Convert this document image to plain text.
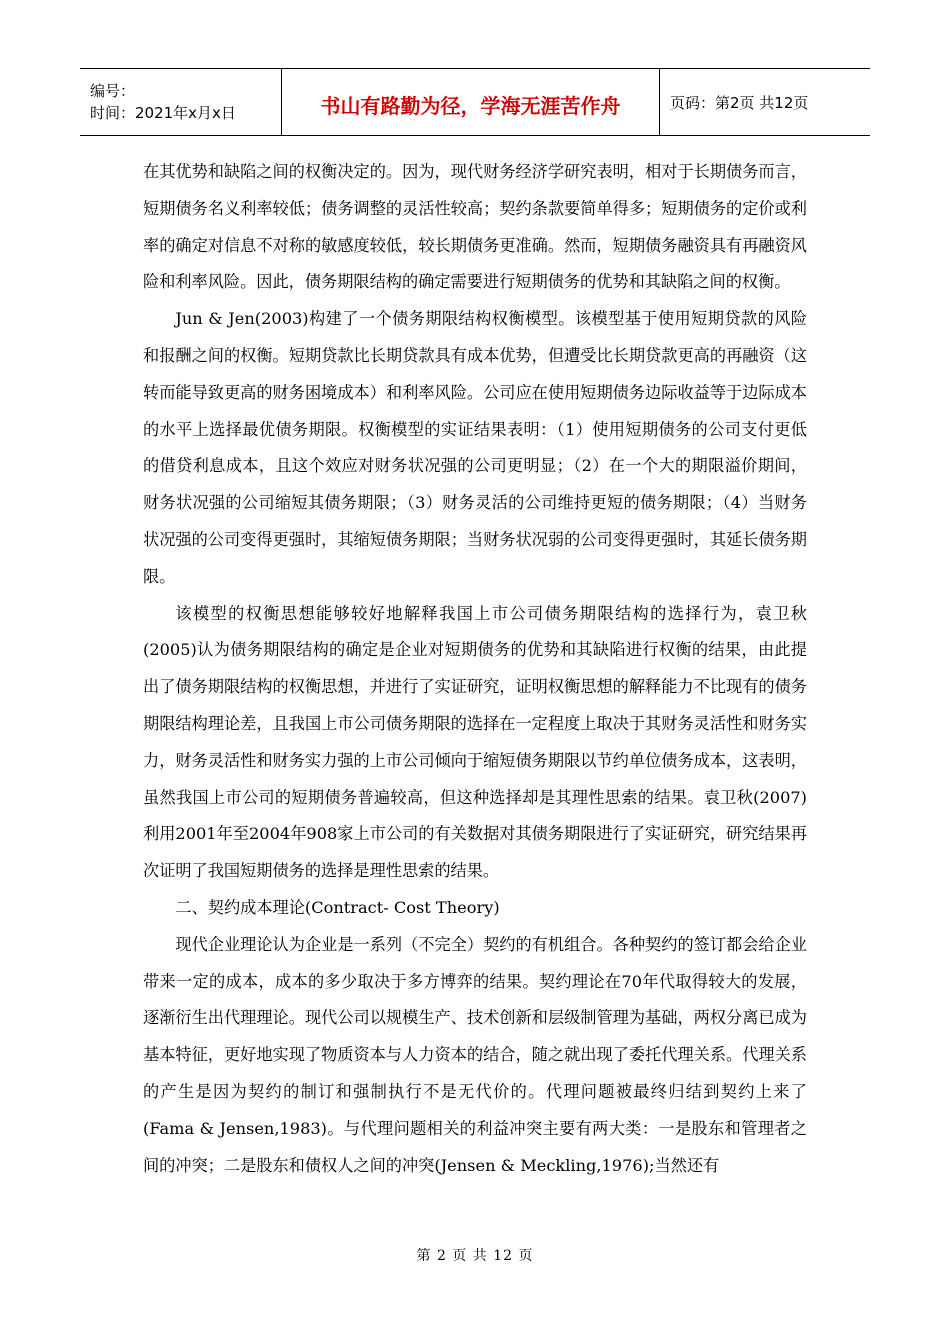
编号：
时间：2021年x月x日	书山有路勤为径，学海无涯苦作舟	页码：第2页 共12页

在其优势和缺陷之间的权衡决定的。因为，现代财务经济学研究表明，相对于长期债务而言，短期债务名义利率较低；债务调整的灵活性较高；契约条款要简单得多；短期债务的定价或利率的确定对信息不对称的敏感度较低，较长期债务更准确。然而，短期债务融资具有再融资风险和利率风险。因此，债务期限结构的确定需要进行短期债务的优势和其缺陷之间的权衡。

Jun & Jen(2003)构建了一个债务期限结构权衡模型。该模型基于使用短期贷款的风险和报酬之间的权衡。短期贷款比长期贷款具有成本优势，但遭受比长期贷款更高的再融资（这转而能导致更高的财务困境成本）和利率风险。公司应在使用短期债务边际收益等于边际成本的水平上选择最优债务期限。权衡模型的实证结果表明：（1）使用短期债务的公司支付更低的借贷利息成本，且这个效应对财务状况强的公司更明显；（2）在一个大的期限溢价期间，财务状况强的公司缩短其债务期限；（3）财务灵活的公司维持更短的债务期限；（4）当财务状况强的公司变得更强时，其缩短债务期限；当财务状况弱的公司变得更强时，其延长债务期限。

该模型的权衡思想能够较好地解释我国上市公司债务期限结构的选择行为，袁卫秋(2005)认为债务期限结构的确定是企业对短期债务的优势和其缺陷进行权衡的结果，由此提出了债务期限结构的权衡思想，并进行了实证研究，证明权衡思想的解释能力不比现有的债务期限结构理论差，且我国上市公司债务期限的选择在一定程度上取决于其财务灵活性和财务实力，财务灵活性和财务实力强的上市公司倾向于缩短债务期限以节约单位债务成本，这表明，虽然我国上市公司的短期债务普遍较高，但这种选择却是其理性思索的结果。袁卫秋(2007)利用2001年至2004年908家上市公司的有关数据对其债务期限进行了实证研究，研究结果再次证明了我国短期债务的选择是理性思索的结果。

二、契约成本理论(Contract- Cost Theory)

现代企业理论认为企业是一系列（不完全）契约的有机组合。各种契约的签订都会给企业带来一定的成本，成本的多少取决于多方博弈的结果。契约理论在70年代取得较大的发展，逐渐衍生出代理理论。现代公司以规模生产、技术创新和层级制管理为基础，两权分离已成为基本特征，更好地实现了物质资本与人力资本的结合，随之就出现了委托代理关系。代理关系的产生是因为契约的制订和强制执行不是无代价的。代理问题被最终归结到契约上来了(Fama & Jensen,1983)。与代理问题相关的利益冲突主要有两大类：一是股东和管理者之间的冲突；二是股东和债权人之间的冲突(Jensen & Meckling,1976);当然还有

第 2 页 共 12 页
